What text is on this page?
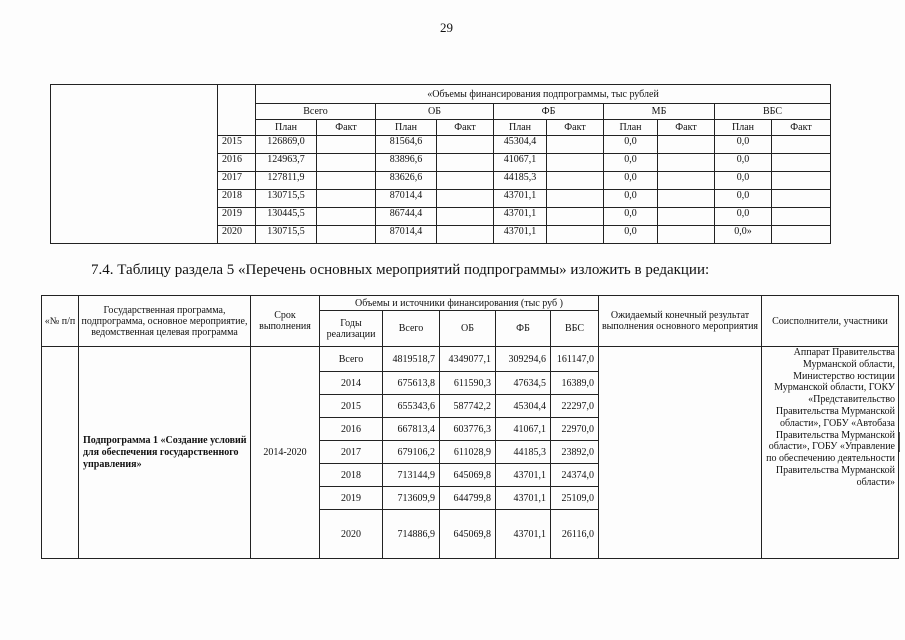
29
		«Объемы финансирования подпрограммы, тыс рублей									
		Всего		ОБ		ФБ		МБ		ВБС	
		План	Факт	План	Факт	План	Факт	План	Факт	План	Факт
	2015	126869,0		81564,6		45304,4		0,0		0,0	
	2016	124963,7		83896,6		41067,1		0,0		0,0	
	2017	127811,9		83626,6		44185,3		0,0		0,0	
	2018	130715,5		87014,4		43701,1		0,0		0,0	
	2019	130445,5		86744,4		43701,1		0,0		0,0	
	2020	130715,5		87014,4		43701,1		0,0		0,0»	
7.4. Таблицу раздела 5 «Перечень основных мероприятий подпрограммы» изложить в редакции:
«№ п/п	Государственная программа, подпрограмма, основное мероприятие, ведомственная целевая программа	Срок выполнения	Объемы и источники финансирования (тыс руб )					Ожидаемый конечный результат выполнения основного мероприятия	Соисполнители, участники
			Годы реализации	Всего	ОБ	ФБ	ВБС		
	Подпрограмма 1 «Создание условий для обеспечения государственного управления»	2014-2020	Всего	4819518,7	4349077,1	309294,6	161147,0		Аппарат Правительства Мурманской области, Министерство юстиции Мурманской области, ГОКУ «Представительство Правительства Мурманской области», ГОБУ «Автобаза Правительства Мурманской области», ГОБУ «Управление по обеспечению деятельности Правительства Мурманской области»
			2014	675613,8	611590,3	47634,5	16389,0		
			2015	655343,6	587742,2	45304,4	22297,0		
			2016	667813,4	603776,3	41067,1	22970,0		
			2017	679106,2	611028,9	44185,3	23892,0		
			2018	713144,9	645069,8	43701,1	24374,0		
			2019	713609,9	644799,8	43701,1	25109,0		
			2020	714886,9	645069,8	43701,1	26116,0		
